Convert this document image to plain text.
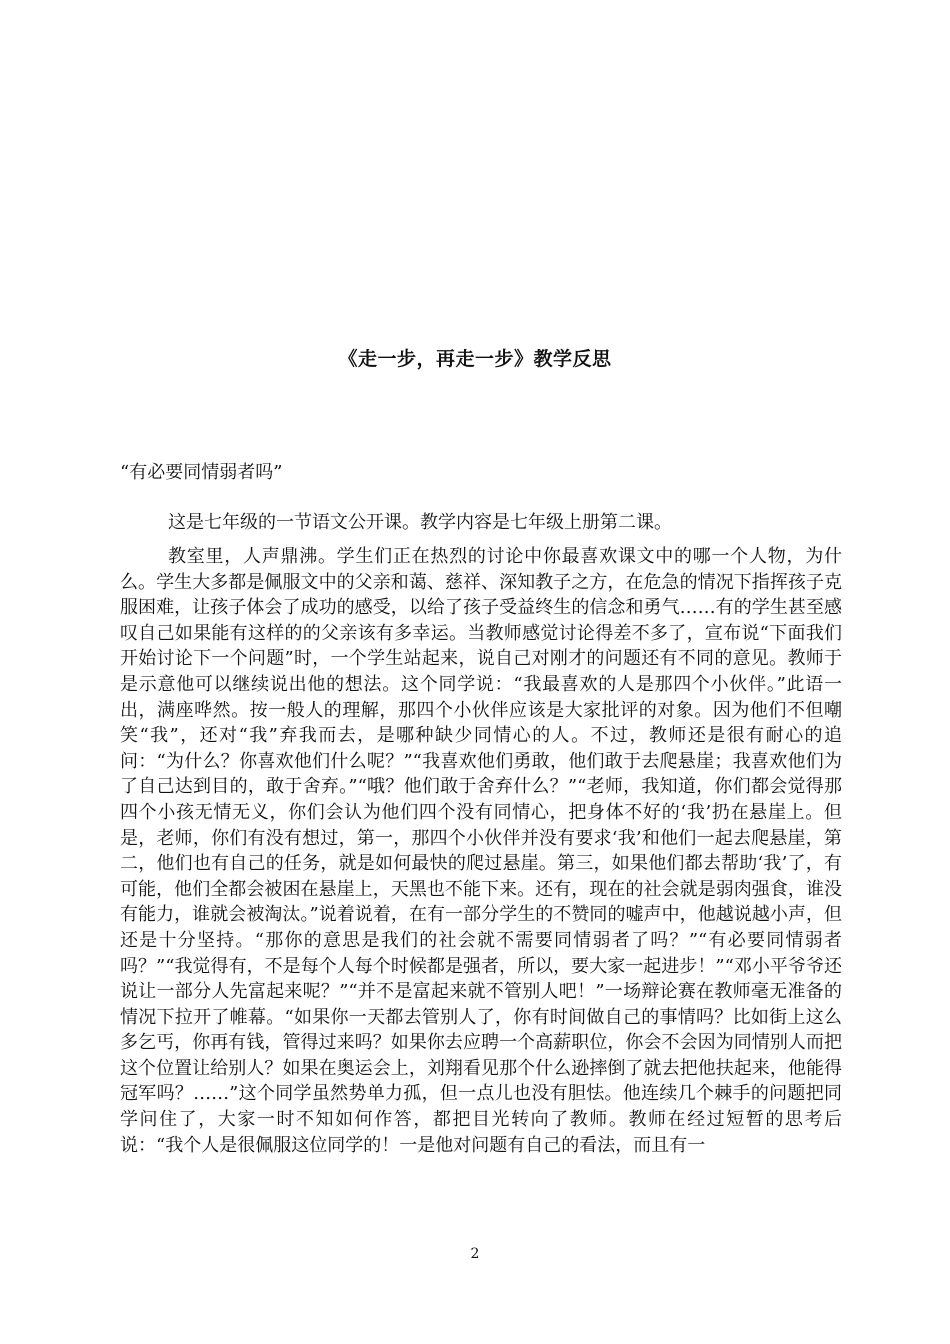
《走一步，再走一步》教学反思
“有必要同情弱者吗”
这是七年级的一节语文公开课。教学内容是七年级上册第二课。

教室里，人声鼎沸。学生们正在热烈的讨论中你最喜欢课文中的哪一个人物，为什么。学生大多都是佩服文中的父亲和蔼、慈祥、深知教子之方，在危急的情况下指挥孩子克服困难，让孩子体会了成功的感受，以给了孩子受益终生的信念和勇气……有的学生甚至感叹自己如果能有这样的的父亲该有多幸运。当教师感觉讨论得差不多了，宣布说“下面我们开始讨论下一个问题”时，一个学生站起来，说自己对刚才的问题还有不同的意见。教师于是示意他可以继续说出他的想法。这个同学说：“我最喜欢的人是那四个小伙伴。”此语一出，满座哗然。按一般人的理解，那四个小伙伴应该是大家批评的对象。因为他们不但嘲笑“我”，还对“我”弃我而去，是哪种缺少同情心的人。不过，教师还是很有耐心的追问：“为什么？你喜欢他们什么呢？”“我喜欢他们勇敢，他们敢于去爬悬崖；我喜欢他们为了自己达到目的，敢于舍弃。”“哦？他们敢于舍弃什么？”“老师，我知道，你们都会觉得那四个小孩无情无义，你们会认为他们四个没有同情心，把身体不好的‘我’扔在悬崖上。但是，老师，你们有没有想过，第一，那四个小伙伴并没有要求‘我’和他们一起去爬悬崖，第二，他们也有自己的任务，就是如何最快的爬过悬崖。第三，如果他们都去帮助‘我’了，有可能，他们全都会被困在悬崖上，天黑也不能下来。还有，现在的社会就是弱肉强食，谁没有能力，谁就会被淘汰。”说着说着，在有一部分学生的不赞同的嘘声中，他越说越小声，但还是十分坚持。“那你的意思是我们的社会就不需要同情弱者了吗？”“有必要同情弱者吗？”“我觉得有，不是每个人每个时候都是强者，所以，要大家一起进步！”“邓小平爷爷还说让一部分人先富起来呢？”“并不是富起来就不管别人吧！”一场辩论赛在教师毫无准备的情况下拉开了帷幕。“如果你一天都去管别人了，你有时间做自己的事情吗？比如街上这么多乞丐，你再有钱，管得过来吗？如果你去应聘一个高薪职位，你会不会因为同情别人而把这个位置让给别人？如果在奥运会上，刘翔看见那个什么逊摔倒了就去把他扶起来，他能得冠军吗？……”这个同学虽然势单力孤，但一点儿也没有胆怯。他连续几个棘手的问题把同学问住了，大家一时不知如何作答，都把目光转向了教师。教师在经过短暂的思考后说：“我个人是很佩服这位同学的！一是他对问题有自己的看法，而且有一

2
